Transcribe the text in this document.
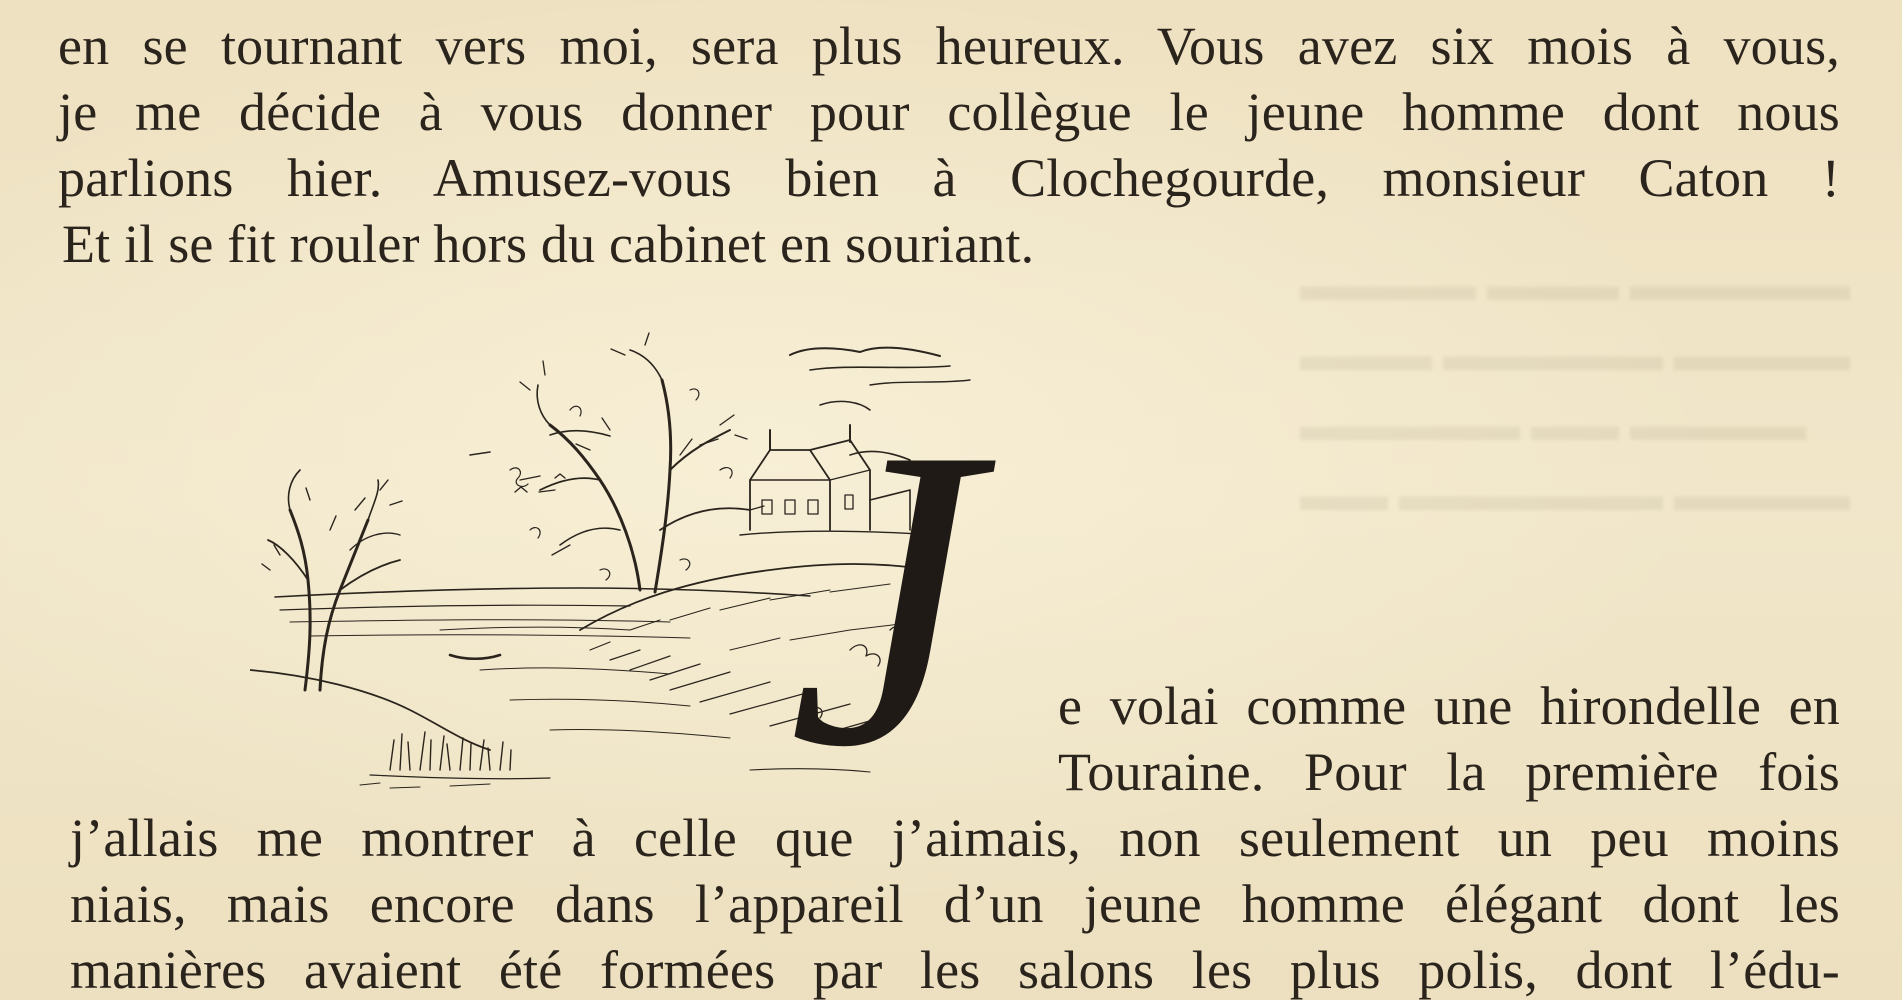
▬▬▬▬ ▬▬▬ ▬▬▬▬▬
▬▬▬ ▬▬▬▬▬ ▬▬▬▬
▬▬▬▬▬ ▬▬ ▬▬▬▬
▬▬ ▬▬▬▬▬▬ ▬▬▬▬
en se tournant vers moi, sera plus heureux. Vous avez six mois à vous,
je me décide à vous donner pour collègue le jeune homme dont nous
parlions hier. Amusez-vous bien à Clochegourde, monsieur Caton !
Et il se fit rouler hors du cabinet en souriant.
J e volai comme une hirondelle en
Touraine. Pour la première fois
j’allais me montrer à celle que j’aimais, non seulement un peu moins
niais, mais encore dans l’appareil d’un jeune homme élégant dont les
manières avaient été formées par les salons les plus polis, dont l’édu-
